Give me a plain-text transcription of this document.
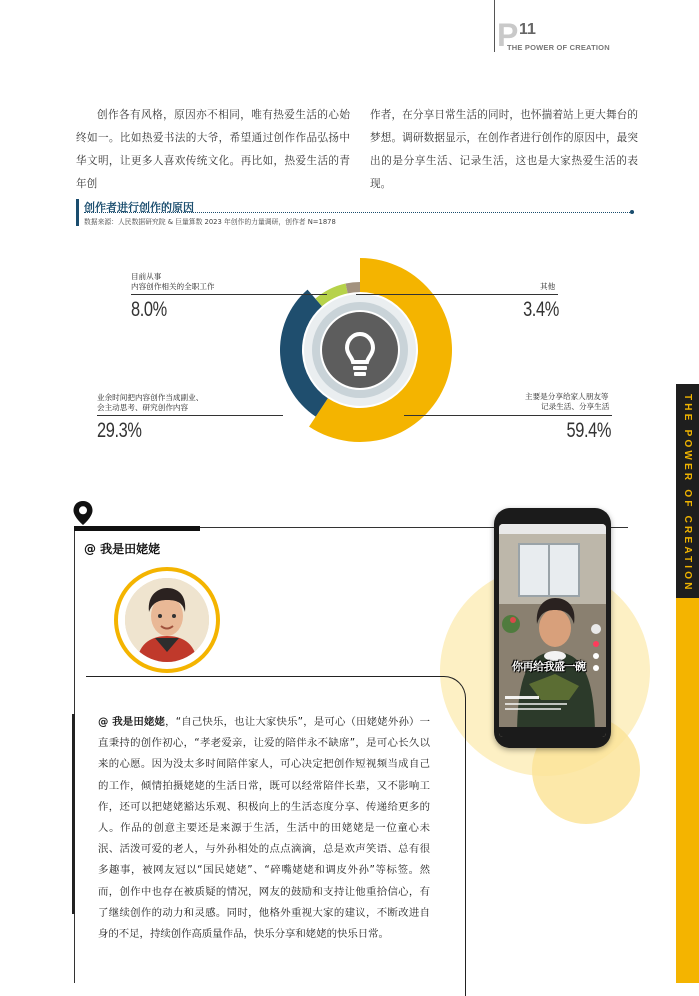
P 11
THE POWER OF CREATION
THE POWER OF CREATION
创作各有风格，原因亦不相同，唯有热爱生活的心始终如一。比如热爱书法的大爷，希望通过创作作品弘扬中华文明，让更多人喜欢传统文化。再比如，热爱生活的青年创
作者，在分享日常生活的同时，也怀揣着站上更大舞台的梦想。调研数据显示，在创作者进行创作的原因中，最突出的是分享生活、记录生活，这也是大家热爱生活的表现。
创作者进行创作的原因
数据来源：人民数据研究院 & 巨量算数 2023 年创作的力量调研，创作者 N=1878
目前从事
内容创作相关的全职工作
8.0%
其他
3.4%
业余时间把内容创作当成副业、
会主动思考、研究创作内容
29.3%
主要是分享给家人朋友等
记录生活、分享生活
59.4%
@ 我是田姥姥
@ 我是田姥姥，“自己快乐，也让大家快乐”，是可心（田姥姥外孙）一直秉持的创作初心，“孝老爱亲，让爱的陪伴永不缺席”，是可心长久以来的心愿。因为没太多时间陪伴家人，可心决定把创作短视频当成自己的工作，倾情拍摄姥姥的生活日常，既可以经常陪伴长辈，又不影响工作，还可以把姥姥豁达乐观、积极向上的生活态度分享、传递给更多的人。作品的创意主要还是来源于生活，生活中的田姥姥是一位童心未泯、活泼可爱的老人，与外孙相处的点点滴滴，总是欢声笑语、总有很多趣事，被网友冠以“国民姥姥”、“碎嘴姥姥和调皮外孙”等标签。然而，创作中也存在被质疑的情况，网友的鼓励和支持让他重拾信心，有了继续创作的动力和灵感。同时，他格外重视大家的建议，不断改进自身的不足，持续创作高质量作品，快乐分享和姥姥的快乐日常。
你再给我盛一碗
